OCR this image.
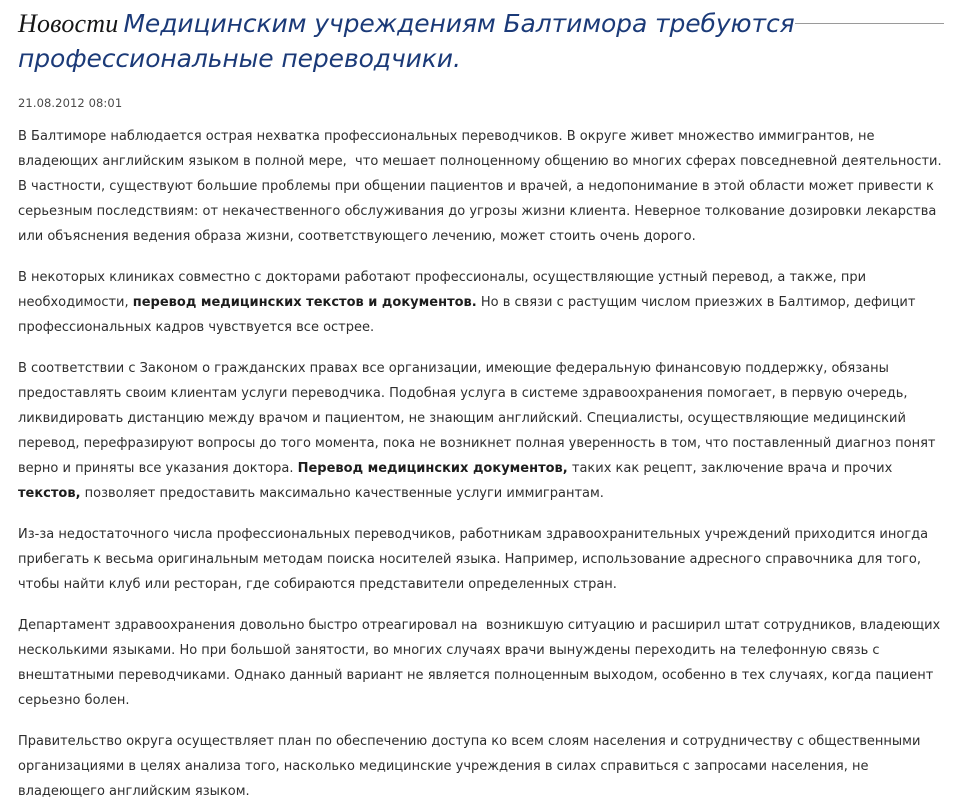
Новости Медицинским учреждениям Балтимора требуются
профессиональные переводчики.
21.08.2012 08:01

В Балтиморе наблюдается острая нехватка профессиональных переводчиков. В округе живет множество иммигрантов, не владеющих английским языком в полной мере,  что мешает полноценному общению во многих сферах повседневной деятельности. В частности, существуют большие проблемы при общении пациентов и врачей, а недопонимание в этой области может привести к серьезным последствиям: от некачественного обслуживания до угрозы жизни клиента. Неверное толкование дозировки лекарства или объяснения ведения образа жизни, соответствующего лечению, может стоить очень дорого.

В некоторых клиниках совместно с докторами работают профессионалы, осуществляющие устный перевод, а также, при необходимости, перевод медицинских текстов и документов. Но в связи с растущим числом приезжих в Балтимор, дефицит профессиональных кадров чувствуется все острее.

В соответствии с Законом о гражданских правах все организации, имеющие федеральную финансовую поддержку, обязаны предоставлять своим клиентам услуги переводчика. Подобная услуга в системе здравоохранения помогает, в первую очередь, ликвидировать дистанцию между врачом и пациентом, не знающим английский. Специалисты, осуществляющие медицинский перевод, перефразируют вопросы до того момента, пока не возникнет полная уверенность в том, что поставленный диагноз понят верно и приняты все указания доктора. Перевод медицинских документов, таких как рецепт, заключение врача и прочих текстов, позволяет предоставить максимально качественные услуги иммигрантам.

Из-за недостаточного числа профессиональных переводчиков, работникам здравоохранительных учреждений приходится иногда прибегать к весьма оригинальным методам поиска носителей языка. Например, использование адресного справочника для того, чтобы найти клуб или ресторан, где собираются представители определенных стран.

Департамент здравоохранения довольно быстро отреагировал на  возникшую ситуацию и расширил штат сотрудников, владеющих несколькими языками. Но при большой занятости, во многих случаях врачи вынуждены переходить на телефонную связь с внештатными переводчиками. Однако данный вариант не является полноценным выходом, особенно в тех случаях, когда пациент серьезно болен.

Правительство округа осуществляет план по обеспечению доступа ко всем слоям населения и сотрудничеству с общественными организациями в целях анализа того, насколько медицинские учреждения в силах справиться с запросами населения, не владеющего английским языком.
